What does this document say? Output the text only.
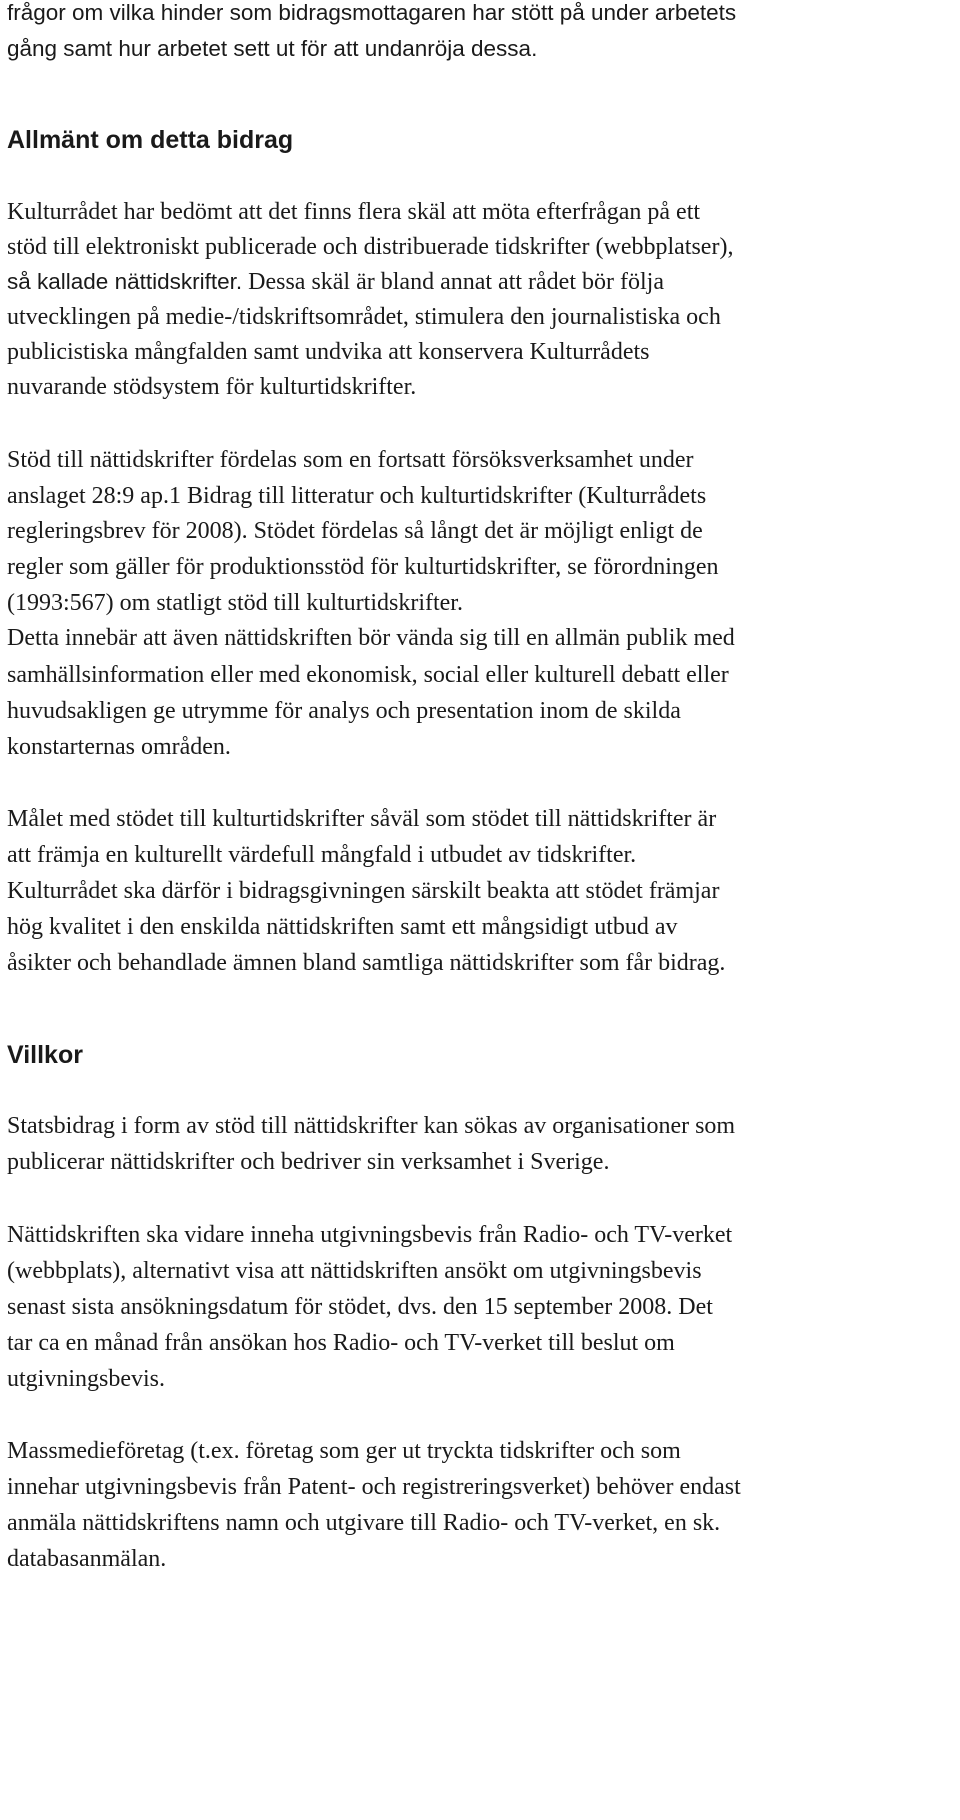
frågor om vilka hinder som bidragsmottagaren har stött på under arbetets
gång samt hur arbetet sett ut för att undanröja dessa.
Allmänt om detta bidrag
Kulturrådet har bedömt att det finns flera skäl att möta efterfrågan på ett
stöd till elektroniskt publicerade och distribuerade tidskrifter (webbplatser),
så kallade nättidskrifter. Dessa skäl är bland annat att rådet bör följa
utvecklingen på medie-/tidskriftsområdet, stimulera den journalistiska och
publicistiska mångfalden samt undvika att konservera Kulturrådets
nuvarande stödsystem för kulturtidskrifter.
Stöd till nättidskrifter fördelas som en fortsatt försöksverksamhet under
anslaget 28:9 ap.1 Bidrag till litteratur och kulturtidskrifter (Kulturrådets
regleringsbrev för 2008). Stödet fördelas så långt det är möjligt enligt de
regler som gäller för produktionsstöd för kulturtidskrifter, se förordningen
(1993:567) om statligt stöd till kulturtidskrifter.
Detta innebär att även nättidskriften bör vända sig till en allmän publik med
samhällsinformation eller med ekonomisk, social eller kulturell debatt eller
huvudsakligen ge utrymme för analys och presentation inom de skilda
konstarternas områden.
Målet med stödet till kulturtidskrifter såväl som stödet till nättidskrifter är
att främja en kulturellt värdefull mångfald i utbudet av tidskrifter.
Kulturrådet ska därför i bidragsgivningen särskilt beakta att stödet främjar
hög kvalitet i den enskilda nättidskriften samt ett mångsidigt utbud av
åsikter och behandlade ämnen bland samtliga nättidskrifter som får bidrag.
Villkor
Statsbidrag i form av stöd till nättidskrifter kan sökas av organisationer som
publicerar nättidskrifter och bedriver sin verksamhet i Sverige.
Nättidskriften ska vidare inneha utgivningsbevis från Radio- och TV-verket
(webbplats), alternativt visa att nättidskriften ansökt om utgivningsbevis
senast sista ansökningsdatum för stödet, dvs. den 15 september 2008. Det
tar ca en månad från ansökan hos Radio- och TV-verket till beslut om
utgivningsbevis.
Massmedieföretag (t.ex. företag som ger ut tryckta tidskrifter och som
innehar utgivningsbevis från Patent- och registreringsverket) behöver endast
anmäla nättidskriftens namn och utgivare till Radio- och TV-verket, en sk.
databasanmälan.
